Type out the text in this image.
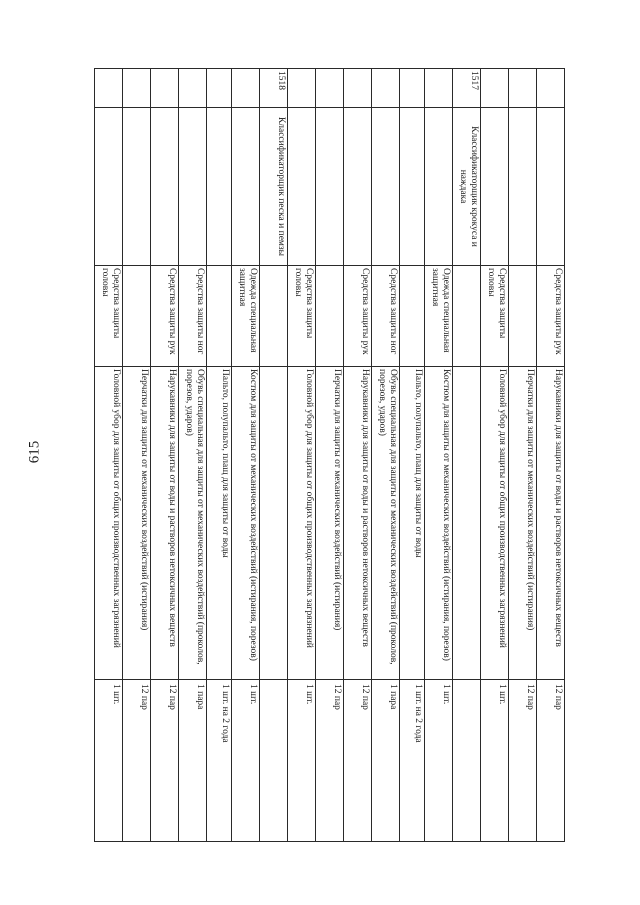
615
		Средства защиты рук	Нарукавники для защиты от воды и растворов нетоксичных веществ	12 пар
			Перчатки для защиты от механических воздействий (истирания)	12 пар
		Средства защиты головы	Головной убор для защиты от общих производственных загрязнений	1 шт.
1517	Классификаторщик крокуса и наждака			
		Одежда специальная защитная	Костюм для защиты от механических воздействий (истирания, порезов)	1 шт.
			Пальто, полупальто, плащ для защиты от воды	1 шт. на 2 года
		Средства защиты ног	Обувь специальная для защиты от механических воздействий (проколов, порезов, ударов)	1 пара
		Средства защиты рук	Нарукавники для защиты от воды и растворов нетоксичных веществ	12 пар
			Перчатки для защиты от механических воздействий (истирания)	12 пар
		Средства защиты головы	Головной убор для защиты от общих производственных загрязнений	1 шт.
1518	Классификаторщик песка и пемзы			
		Одежда специальная защитная	Костюм для защиты от механических воздействий (истирания, порезов)	1 шт.
			Пальто, полупальто, плащ для защиты от воды	1 шт. на 2 года
		Средства защиты ног	Обувь специальная для защиты от механических воздействий (проколов, порезов, ударов)	1 пара
		Средства защиты рук	Нарукавники для защиты от воды и растворов нетоксичных веществ	12 пар
			Перчатки для защиты от механических воздействий (истирания)	12 пар
		Средства защиты головы	Головной убор для защиты от общих производственных загрязнений	1 шт.
